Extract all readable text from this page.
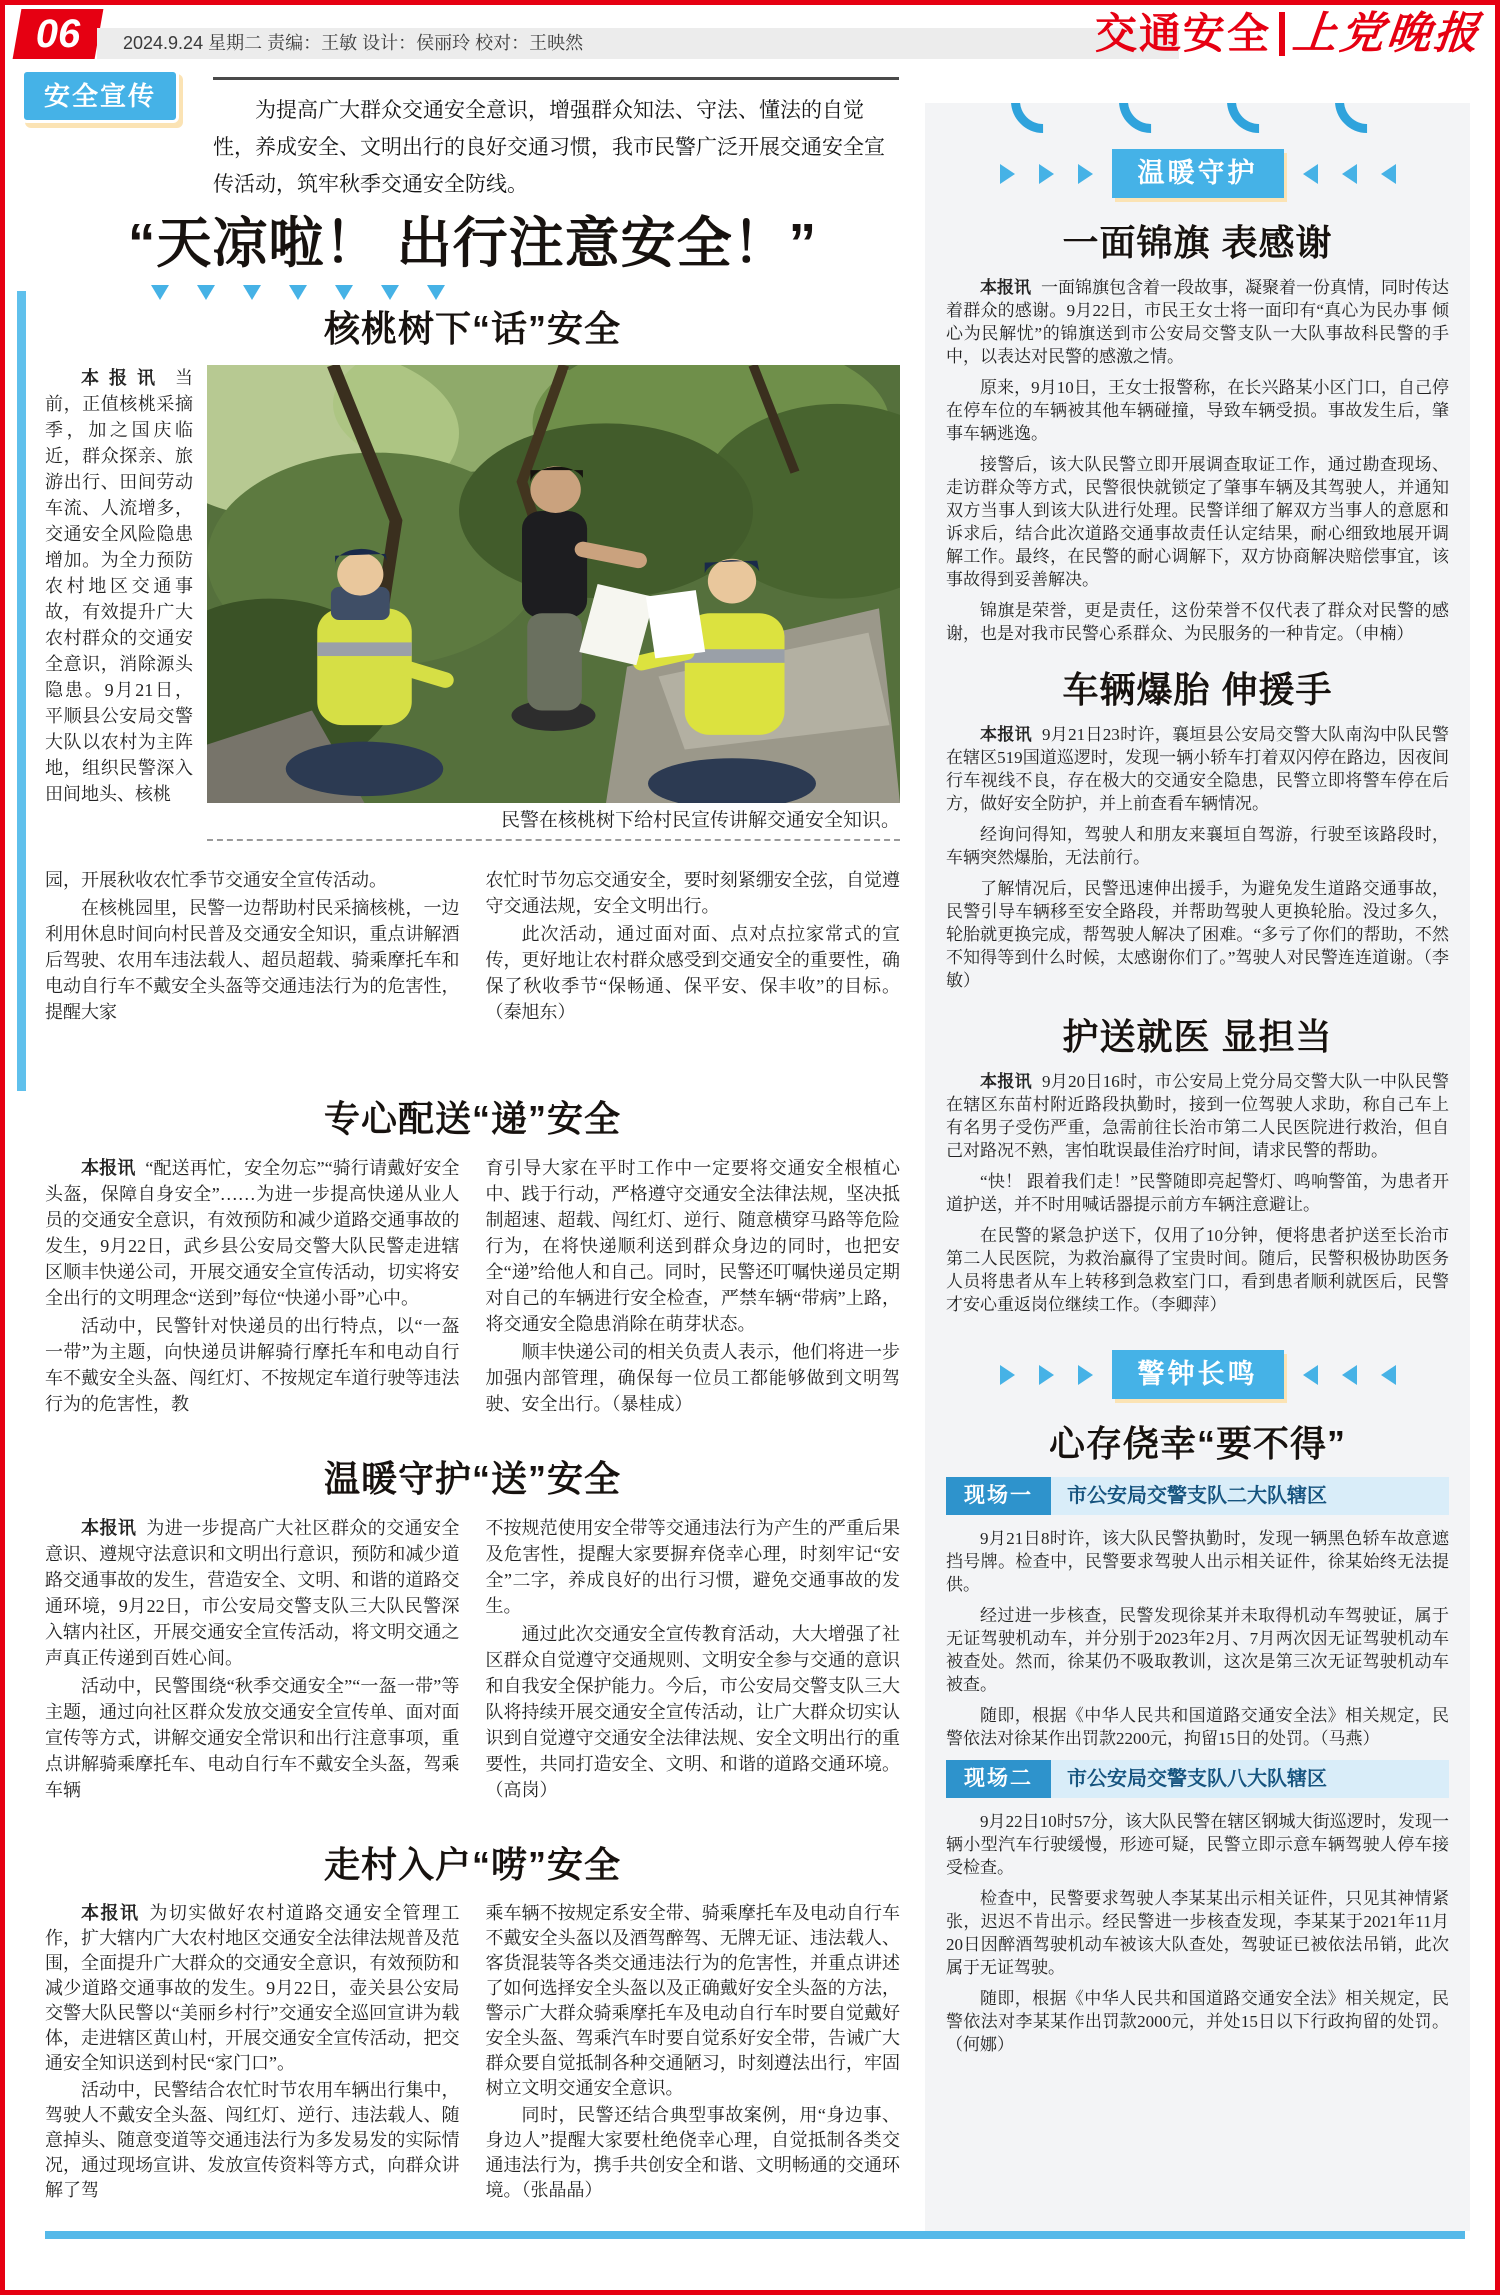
06	2024.9.24 星期二 责编：王敏 设计：侯丽玲 校对：王映然	交通安全 上党晚报
安全宣传	为提高广大群众交通安全意识，增强群众知法、守法、懂法的自觉性，养成安全、文明出行的良好交通习惯，我市民警广泛开展交通安全宣传活动，筑牢秋季交通安全防线。
“天凉啦！ 出行注意安全！”
核桃树下“话”安全

本报讯 当前，正值核桃采摘季，加之国庆临近，群众探亲、旅游出行、田间劳动车流、人流增多，交通安全风险隐患增加。为全力预防农村地区交通事故，有效提升广大农村群众的交通安全意识，消除源头隐患。9月21日，平顺县公安局交警大队以农村为主阵地，组织民警深入田间地头、核桃

民警在核桃树下给村民宣传讲解交通安全知识。

园，开展秋收农忙季节交通安全宣传活动。

在核桃园里，民警一边帮助村民采摘核桃，一边利用休息时间向村民普及交通安全知识，重点讲解酒后驾驶、农用车违法载人、超员超载、骑乘摩托车和电动自行车不戴安全头盔等交通违法行为的危害性，提醒大家

农忙时节勿忘交通安全，要时刻紧绷安全弦，自觉遵守交通法规，安全文明出行。

此次活动，通过面对面、点对点拉家常式的宣传，更好地让农村群众感受到交通安全的重要性，确保了秋收季节“保畅通、保平安、保丰收”的目标。（秦旭东）

专心配送“递”安全

本报讯 “配送再忙，安全勿忘”“骑行请戴好安全头盔，保障自身安全”……为进一步提高快递从业人员的交通安全意识，有效预防和减少道路交通事故的发生，9月22日，武乡县公安局交警大队民警走进辖区顺丰快递公司，开展交通安全宣传活动，切实将安全出行的文明理念“送到”每位“快递小哥”心中。

活动中，民警针对快递员的出行特点，以“一盔一带”为主题，向快递员讲解骑行摩托车和电动自行车不戴安全头盔、闯红灯、不按规定车道行驶等违法行为的危害性，教

育引导大家在平时工作中一定要将交通安全根植心中、践于行动，严格遵守交通安全法律法规，坚决抵制超速、超载、闯红灯、逆行、随意横穿马路等危险行为，在将快递顺利送到群众身边的同时，也把安全“递”给他人和自己。同时，民警还叮嘱快递员定期对自己的车辆进行安全检查，严禁车辆“带病”上路，将交通安全隐患消除在萌芽状态。

顺丰快递公司的相关负责人表示，他们将进一步加强内部管理，确保每一位员工都能够做到文明驾驶、安全出行。（暴桂成）

温暖守护“送”安全

本报讯 为进一步提高广大社区群众的交通安全意识、遵规守法意识和文明出行意识，预防和减少道路交通事故的发生，营造安全、文明、和谐的道路交通环境，9月22日，市公安局交警支队三大队民警深入辖内社区，开展交通安全宣传活动，将文明交通之声真正传递到百姓心间。

活动中，民警围绕“秋季交通安全”“一盔一带”等主题，通过向社区群众发放交通安全宣传单、面对面宣传等方式，讲解交通安全常识和出行注意事项，重点讲解骑乘摩托车、电动自行车不戴安全头盔，驾乘车辆

不按规范使用安全带等交通违法行为产生的严重后果及危害性，提醒大家要摒弃侥幸心理，时刻牢记“安全”二字，养成良好的出行习惯，避免交通事故的发生。

通过此次交通安全宣传教育活动，大大增强了社区群众自觉遵守交通规则、文明安全参与交通的意识和自我安全保护能力。今后，市公安局交警支队三大队将持续开展交通安全宣传活动，让广大群众切实认识到自觉遵守交通安全法律法规、安全文明出行的重要性，共同打造安全、文明、和谐的道路交通环境。（高岗）

走村入户“唠”安全

本报讯 为切实做好农村道路交通安全管理工作，扩大辖内广大农村地区交通安全法律法规普及范围，全面提升广大群众的交通安全意识，有效预防和减少道路交通事故的发生。9月22日，壶关县公安局交警大队民警以“美丽乡村行”交通安全巡回宣讲为载体，走进辖区黄山村，开展交通安全宣传活动，把交通安全知识送到村民“家门口”。

活动中，民警结合农忙时节农用车辆出行集中，驾驶人不戴安全头盔、闯红灯、逆行、违法载人、随意掉头、随意变道等交通违法行为多发易发的实际情况，通过现场宣讲、发放宣传资料等方式，向群众讲解了驾

乘车辆不按规定系安全带、骑乘摩托车及电动自行车不戴安全头盔以及酒驾醉驾、无牌无证、违法载人、客货混装等各类交通违法行为的危害性，并重点讲述了如何选择安全头盔以及正确戴好安全头盔的方法，警示广大群众骑乘摩托车及电动自行车时要自觉戴好安全头盔、驾乘汽车时要自觉系好安全带，告诫广大群众要自觉抵制各种交通陋习，时刻遵法出行，牢固树立文明交通安全意识。

同时，民警还结合典型事故案例，用“身边事、身边人”提醒大家要杜绝侥幸心理，自觉抵制各类交通违法行为，携手共创安全和谐、文明畅通的交通环境。（张晶晶）

温暖守护
一面锦旗 表感谢

本报讯 一面锦旗包含着一段故事，凝聚着一份真情，同时传达着群众的感谢。9月22日，市民王女士将一面印有“真心为民办事 倾心为民解忧”的锦旗送到市公安局交警支队一大队事故科民警的手中，以表达对民警的感激之情。

原来，9月10日，王女士报警称，在长兴路某小区门口，自己停在停车位的车辆被其他车辆碰撞，导致车辆受损。事故发生后，肇事车辆逃逸。

接警后，该大队民警立即开展调查取证工作，通过勘查现场、走访群众等方式，民警很快就锁定了肇事车辆及其驾驶人，并通知双方当事人到该大队进行处理。民警详细了解双方当事人的意愿和诉求后，结合此次道路交通事故责任认定结果，耐心细致地展开调解工作。最终，在民警的耐心调解下，双方协商解决赔偿事宜，该事故得到妥善解决。

锦旗是荣誉，更是责任，这份荣誉不仅代表了群众对民警的感谢，也是对我市民警心系群众、为民服务的一种肯定。（申楠）

车辆爆胎 伸援手

本报讯 9月21日23时许，襄垣县公安局交警大队南沟中队民警在辖区519国道巡逻时，发现一辆小轿车打着双闪停在路边，因夜间行车视线不良，存在极大的交通安全隐患，民警立即将警车停在后方，做好安全防护，并上前查看车辆情况。

经询问得知，驾驶人和朋友来襄垣自驾游，行驶至该路段时，车辆突然爆胎，无法前行。

了解情况后，民警迅速伸出援手，为避免发生道路交通事故，民警引导车辆移至安全路段，并帮助驾驶人更换轮胎。没过多久，轮胎就更换完成，帮驾驶人解决了困难。“多亏了你们的帮助，不然不知得等到什么时候，太感谢你们了。”驾驶人对民警连连道谢。（李敏）

护送就医 显担当

本报讯 9月20日16时，市公安局上党分局交警大队一中队民警在辖区东苗村附近路段执勤时，接到一位驾驶人求助，称自己车上有名男子受伤严重，急需前往长治市第二人民医院进行救治，但自己对路况不熟，害怕耽误最佳治疗时间，请求民警的帮助。

“快！ 跟着我们走！”民警随即亮起警灯、鸣响警笛，为患者开道护送，并不时用喊话器提示前方车辆注意避让。

在民警的紧急护送下，仅用了10分钟，便将患者护送至长治市第二人民医院，为救治赢得了宝贵时间。随后，民警积极协助医务人员将患者从车上转移到急救室门口，看到患者顺利就医后，民警才安心重返岗位继续工作。（李卿萍）

警钟长鸣
心存侥幸“要不得”
现场一	市公安局交警支队二大队辖区

9月21日8时许，该大队民警执勤时，发现一辆黑色轿车故意遮挡号牌。检查中，民警要求驾驶人出示相关证件，徐某始终无法提供。

经过进一步核查，民警发现徐某并未取得机动车驾驶证，属于无证驾驶机动车，并分别于2023年2月、7月两次因无证驾驶机动车被查处。然而，徐某仍不吸取教训，这次是第三次无证驾驶机动车被查。

随即，根据《中华人民共和国道路交通安全法》相关规定，民警依法对徐某作出罚款2200元，拘留15日的处罚。（马燕）

现场二	市公安局交警支队八大队辖区

9月22日10时57分，该大队民警在辖区钢城大街巡逻时，发现一辆小型汽车行驶缓慢，形迹可疑，民警立即示意车辆驾驶人停车接受检查。

检查中，民警要求驾驶人李某某出示相关证件，只见其神情紧张，迟迟不肯出示。经民警进一步核查发现，李某某于2021年11月20日因醉酒驾驶机动车被该大队查处，驾驶证已被依法吊销，此次属于无证驾驶。

随即，根据《中华人民共和国道路交通安全法》相关规定，民警依法对李某某作出罚款2000元，并处15日以下行政拘留的处罚。（何娜）
